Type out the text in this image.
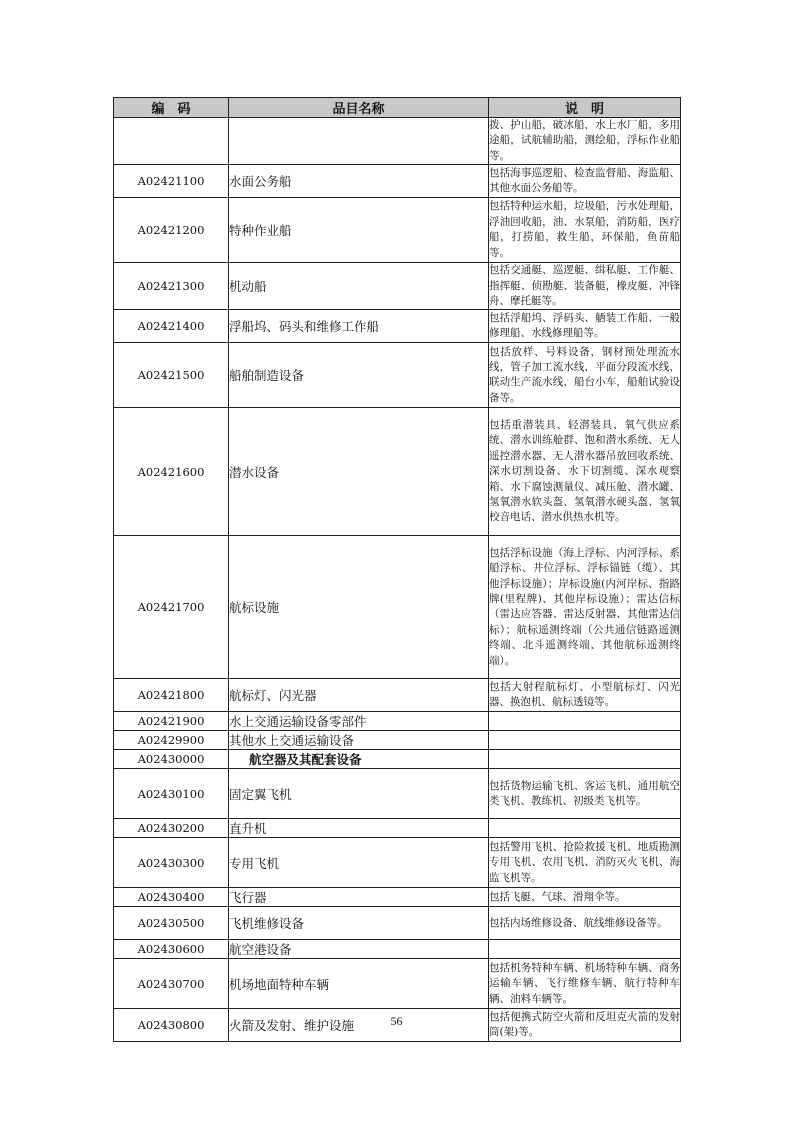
编　码	品目名称	说　明
		拨、护山船，破冰船，水上水厂船，多用途船，试航辅助船，测绘船，浮标作业船等。
A02421100	水面公务船	包括海事巡逻船、检查监督船、海监船、其他水面公务船等。
A02421200	特种作业船	包括特种运水船，垃圾船，污水处理船，浮油回收船，油、水泵船，消防船，医疗船，打捞船，救生船，环保船，鱼苗船等。
A02421300	机动船	包括交通艇、巡逻艇、缉私艇、工作艇、指挥艇、侦勘艇、装备艇，橡皮艇、冲锋舟、摩托艇等。
A02421400	浮船坞、码头和维修工作船	包括浮船坞、浮码头、舾装工作船、一般修理船、水线修理船等。
A02421500	船舶制造设备	包括放样、号料设备，钢材预处理流水线，管子加工流水线，平面分段流水线，联动生产流水线，船台小车，船舶试验设备等。
A02421600	潜水设备	包括重潜装具、轻潜装具、氧气供应系统、潜水训练舱群、饱和潜水系统、无人遥控潜水器、无人潜水器吊放回收系统、深水切割设备、水下切割缆、深水观察箱、水下腐蚀测量仪、减压舱、潜水罐、氢氧潜水软头盔、氢氧潜水硬头盔、氢氧校音电话、潜水供热水机等。
A02421700	航标设施	包括浮标设施（海上浮标、内河浮标、系船浮标、井位浮标、浮标锚链（缆）、其他浮标设施）；岸标设施(内河岸标、指路牌(里程牌)、其他岸标设施）；雷达信标（雷达应答器、雷达反射器、其他雷达信标）；航标遥测终端（公共通信链路遥测终端、北斗遥测终端、其他航标遥测终端）。
A02421800	航标灯、闪光器	包括大射程航标灯、小型航标灯、闪光器、换泡机、航标透镜等。
A02421900	水上交通运输设备零部件	
A02429900	其他水上交通运输设备	
A02430000	航空器及其配套设备	
A02430100	固定翼飞机	包括货物运输飞机、客运飞机、通用航空类飞机、教练机、初级类飞机等。
A02430200	直升机	
A02430300	专用飞机	包括警用飞机、抢险救援飞机、地质勘测专用飞机、农用飞机、消防灭火飞机、海监飞机等。
A02430400	飞行器	包括飞艇、气球、滑翔伞等。
A02430500	飞机维修设备	包括内场维修设备、航线维修设备等。
A02430600	航空港设备	
A02430700	机场地面特种车辆	包括机务特种车辆、机场特种车辆、商务运输车辆、飞行维修车辆、航行特种车辆、油料车辆等。
A02430800	火箭及发射、维护设施	包括便携式防空火箭和反坦克火箭的发射筒(架)等。
56
